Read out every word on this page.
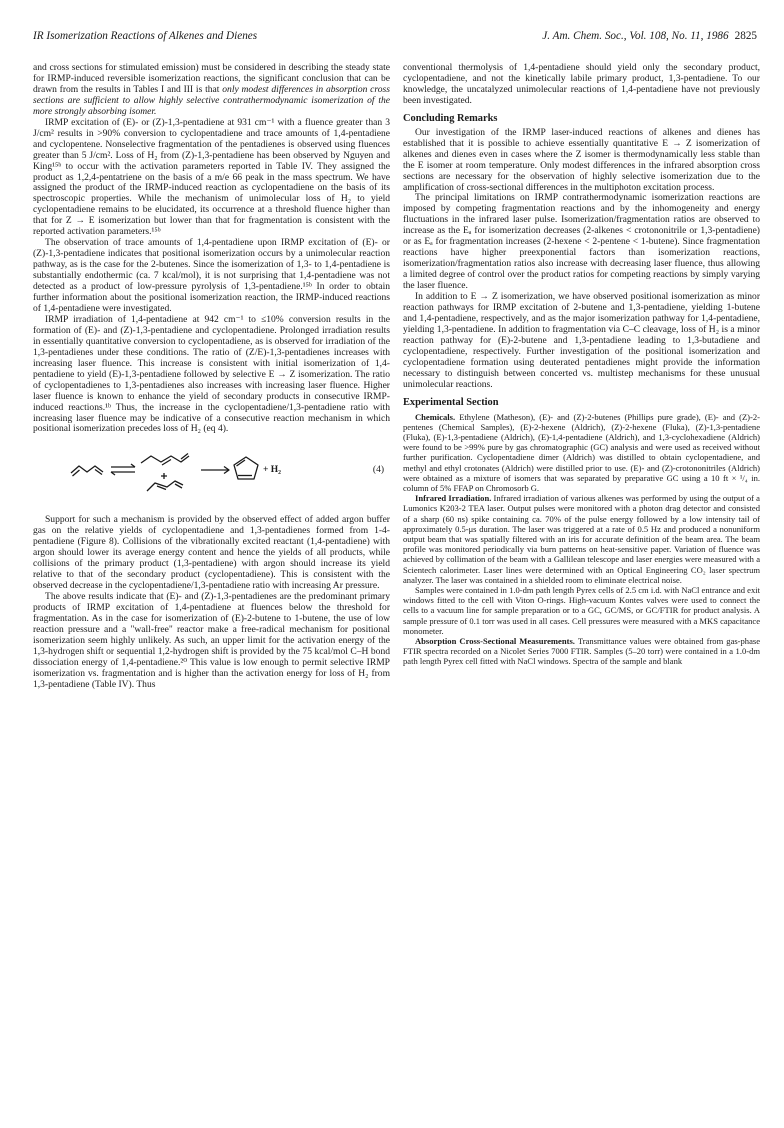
IR Isomerization Reactions of Alkenes and Dienes	J. Am. Chem. Soc., Vol. 108, No. 11, 1986 2825

and cross sections for stimulated emission) must be considered in describing the steady state for IRMP-induced reversible isomerization reactions, the significant conclusion that can be drawn from the results in Tables I and III is that only modest differences in absorption cross sections are sufficient to allow highly selective contrathermodynamic isomerization of the more strongly absorbing isomer.

IRMP excitation of (E)- or (Z)-1,3-pentadiene at 931 cm⁻¹ with a fluence greater than 3 J/cm² results in >90% conversion to cyclopentadiene and trace amounts of 1,4-pentadiene and cyclopentene. Nonselective fragmentation of the pentadienes is observed using fluences greater than 5 J/cm². Loss of H₂ from (Z)-1,3-pentadiene has been observed by Nguyen and King¹⁵ᵇ to occur with the activation parameters reported in Table IV. They assigned the product as 1,2,4-pentatriene on the basis of a m/e 66 peak in the mass spectrum. We have assigned the product of the IRMP-induced reaction as cyclopentadiene on the basis of its spectroscopic properties. While the mechanism of unimolecular loss of H₂ to yield cyclopentadiene remains to be elucidated, its occurrence at a threshold fluence higher than that for Z → E isomerization but lower than that for fragmentation is consistent with the reported activation parameters.¹⁵ᵇ

The observation of trace amounts of 1,4-pentadiene upon IRMP excitation of (E)- or (Z)-1,3-pentadiene indicates that positional isomerization occurs by a unimolecular reaction pathway, as is the case for the 2-butenes. Since the isomerization of 1,3- to 1,4-pentadiene is substantially endothermic (ca. 7 kcal/mol), it is not surprising that 1,4-pentadiene was not detected as a product of low-pressure pyrolysis of 1,3-pentadiene.¹⁵ᵇ In order to obtain further information about the positional isomerization reaction, the IRMP-induced reactions of 1,4-pentadiene were investigated.

IRMP irradiation of 1,4-pentadiene at 942 cm⁻¹ to ≤10% conversion results in the formation of (E)- and (Z)-1,3-pentadiene and cyclopentadiene. Prolonged irradiation results in essentially quantitative conversion to cyclopentadiene, as is observed for irradiation of the 1,3-pentadienes under these conditions. The ratio of (Z/E)-1,3-pentadienes increases with increasing laser fluence. This increase is consistent with initial isomerization of 1,4-pentadiene to yield (E)-1,3-pentadiene followed by selective E → Z isomerization. The ratio of cyclopentadienes to 1,3-pentadienes also increases with increasing laser fluence. Higher laser fluence is known to enhance the yield of secondary products in consecutive IRMP-induced reactions.¹ᵇ Thus, the increase in the cyclopentadiene/1,3-pentadiene ratio with increasing laser fluence may be indicative of a consecutive reaction mechanism in which positional isomerization precedes loss of H₂ (eq 4).

+ H₂	(4)

Support for such a mechanism is provided by the observed effect of added argon buffer gas on the relative yields of cyclopentadiene and 1,3-pentadienes formed from 1-4-pentadiene (Figure 8). Collisions of the vibrationally excited reactant (1,4-pentadiene) with argon should lower its average energy content and hence the yields of all products, while collisions of the primary product (1,3-pentadiene) with argon should increase its yield relative to that of the secondary product (cyclopentadiene). This is consistent with the observed decrease in the cyclopentadiene/1,3-pentadiene ratio with increasing Ar pressure.

The above results indicate that (E)- and (Z)-1,3-pentadienes are the predominant primary products of IRMP excitation of 1,4-pentadiene at fluences below the threshold for fragmentation. As in the case for isomerization of (E)-2-butene to 1-butene, the use of low reaction pressure and a "wall-free" reactor make a free-radical mechanism for positional isomerization seem highly unlikely. As such, an upper limit for the activation energy of the 1,3-hydrogen shift or sequential 1,2-hydrogen shift is provided by the 75 kcal/mol C–H bond dissociation energy of 1,4-pentadiene.²⁰ This value is low enough to permit selective IRMP isomerization vs. fragmentation and is higher than the activation energy for loss of H₂ from 1,3-pentadiene (Table IV). Thus

conventional thermolysis of 1,4-pentadiene should yield only the secondary product, cyclopentadiene, and not the kinetically labile primary product, 1,3-pentadiene. To our knowledge, the uncatalyzed unimolecular reactions of 1,4-pentadiene have not previously been investigated.

Concluding Remarks

Our investigation of the IRMP laser-induced reactions of alkenes and dienes has established that it is possible to achieve essentially quantitative E → Z isomerization of alkenes and dienes even in cases where the Z isomer is thermodynamically less stable than the E isomer at room temperature. Only modest differences in the infrared absorption cross sections are necessary for the observation of highly selective isomerization due to the amplification of cross-sectional differences in the multiphoton excitation process.

The principal limitations on IRMP contrathermodynamic isomerization reactions are imposed by competing fragmentation reactions and by the inhomogeneity and energy fluctuations in the infrared laser pulse. Isomerization/fragmentation ratios are observed to increase as the Eₐ for isomerization decreases (2-alkenes < crotononitrile or 1,3-pentadiene) or as Eₐ for fragmentation increases (2-hexene < 2-pentene < 1-butene). Since fragmentation reactions have higher preexponential factors than isomerization reactions, isomerization/fragmentation ratios also increase with decreasing laser fluence, thus allowing a limited degree of control over the product ratios for competing reactions by simply varying the laser fluence.

In addition to E → Z isomerization, we have observed positional isomerization as minor reaction pathways for IRMP excitation of 2-butene and 1,3-pentadiene, yielding 1-butene and 1,4-pentadiene, respectively, and as the major isomerization pathway for 1,4-pentadiene, yielding 1,3-pentadiene. In addition to fragmentation via C–C cleavage, loss of H₂ is a minor reaction pathway for (E)-2-butene and 1,3-pentadiene leading to 1,3-butadiene and cyclopentadiene, respectively. Further investigation of the positional isomerization and cyclopentadiene formation using deuterated pentadienes might provide the information necessary to distinguish between concerted vs. multistep mechanisms for these unusual unimolecular reactions.

Experimental Section

Chemicals. Ethylene (Matheson), (E)- and (Z)-2-butenes (Phillips pure grade), (E)- and (Z)-2-pentenes (Chemical Samples), (E)-2-hexene (Aldrich), (Z)-2-hexene (Fluka), (Z)-1,3-pentadiene (Fluka), (E)-1,3-pentadiene (Aldrich), (E)-1,4-pentadiene (Aldrich), and 1,3-cyclohexadiene (Aldrich) were found to be >99% pure by gas chromatographic (GC) analysis and were used as received without further purification. Cyclopentadiene dimer (Aldrich) was distilled to obtain cyclopentadiene, and methyl and ethyl crotonates (Aldrich) were distilled prior to use. (E)- and (Z)-crotononitriles (Aldrich) were obtained as a mixture of isomers that was separated by preparative GC using a 10 ft × ¹/₄ in. column of 5% FFAP on Chromosorb G.

Infrared Irradiation. Infrared irradiation of various alkenes was performed by using the output of a Lumonics K203-2 TEA laser. Output pulses were monitored with a photon drag detector and consisted of a sharp (60 ns) spike containing ca. 70% of the pulse energy followed by a low intensity tail of approximately 0.5-μs duration. The laser was triggered at a rate of 0.5 Hz and produced a nonuniform output beam that was spatially filtered with an iris for accurate definition of the beam area. The beam profile was monitored periodically via burn patterns on heat-sensitive paper. Variation of fluence was achieved by collimation of the beam with a Gallilean telescope and laser energies were measured with a Scientech calorimeter. Laser lines were determined with an Optical Engineering CO₂ laser spectrum analyzer. The laser was contained in a shielded room to eliminate electrical noise.

Samples were contained in 1.0-dm path length Pyrex cells of 2.5 cm i.d. with NaCl entrance and exit windows fitted to the cell with Viton O-rings. High-vacuum Kontes valves were used to connect the cells to a vacuum line for sample preparation or to a GC, GC/MS, or GC/FTIR for product analysis. A sample pressure of 0.1 torr was used in all cases. Cell pressures were measured with a MKS capacitance monometer.

Absorption Cross-Sectional Measurements. Transmittance values were obtained from gas-phase FTIR spectra recorded on a Nicolet Series 7000 FTIR. Samples (5–20 torr) were contained in a 1.0-dm path length Pyrex cell fitted with NaCl windows. Spectra of the sample and blank
